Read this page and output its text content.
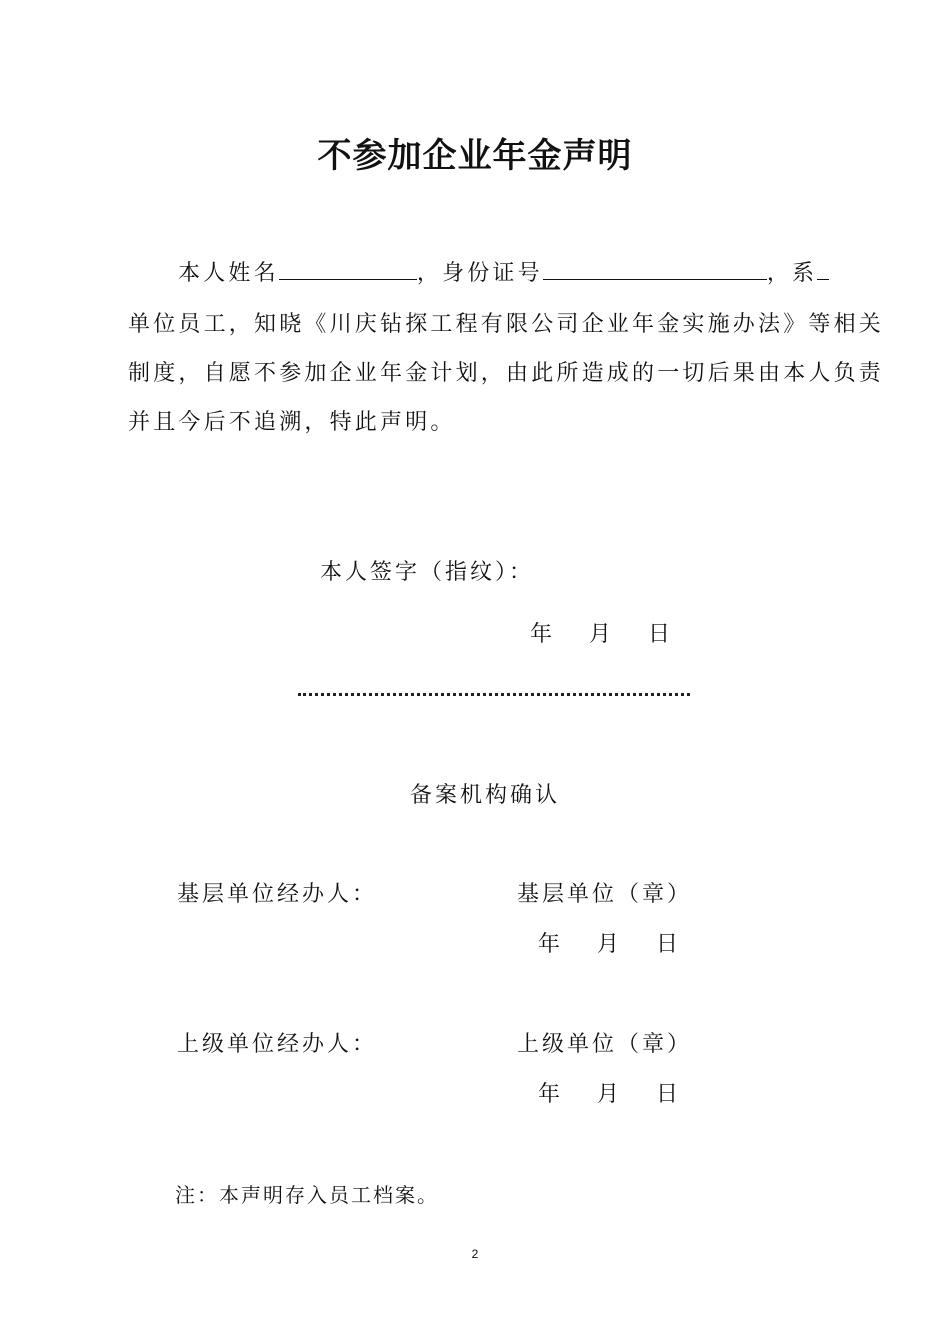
不参加企业年金声明
本人姓名	，身份证号	，系
单位员工，知晓《川庆钻探工程有限公司企业年金实施办法》等相关
制度，自愿不参加企业年金计划，由此所造成的一切后果由本人负责
并且今后不追溯，特此声明。
本人签字（指纹）：
年 月 日
备案机构确认
基层单位经办人：	基层单位（章）
年 月 日
上级单位经办人：	上级单位（章）
年 月 日
注：本声明存入员工档案。
2
